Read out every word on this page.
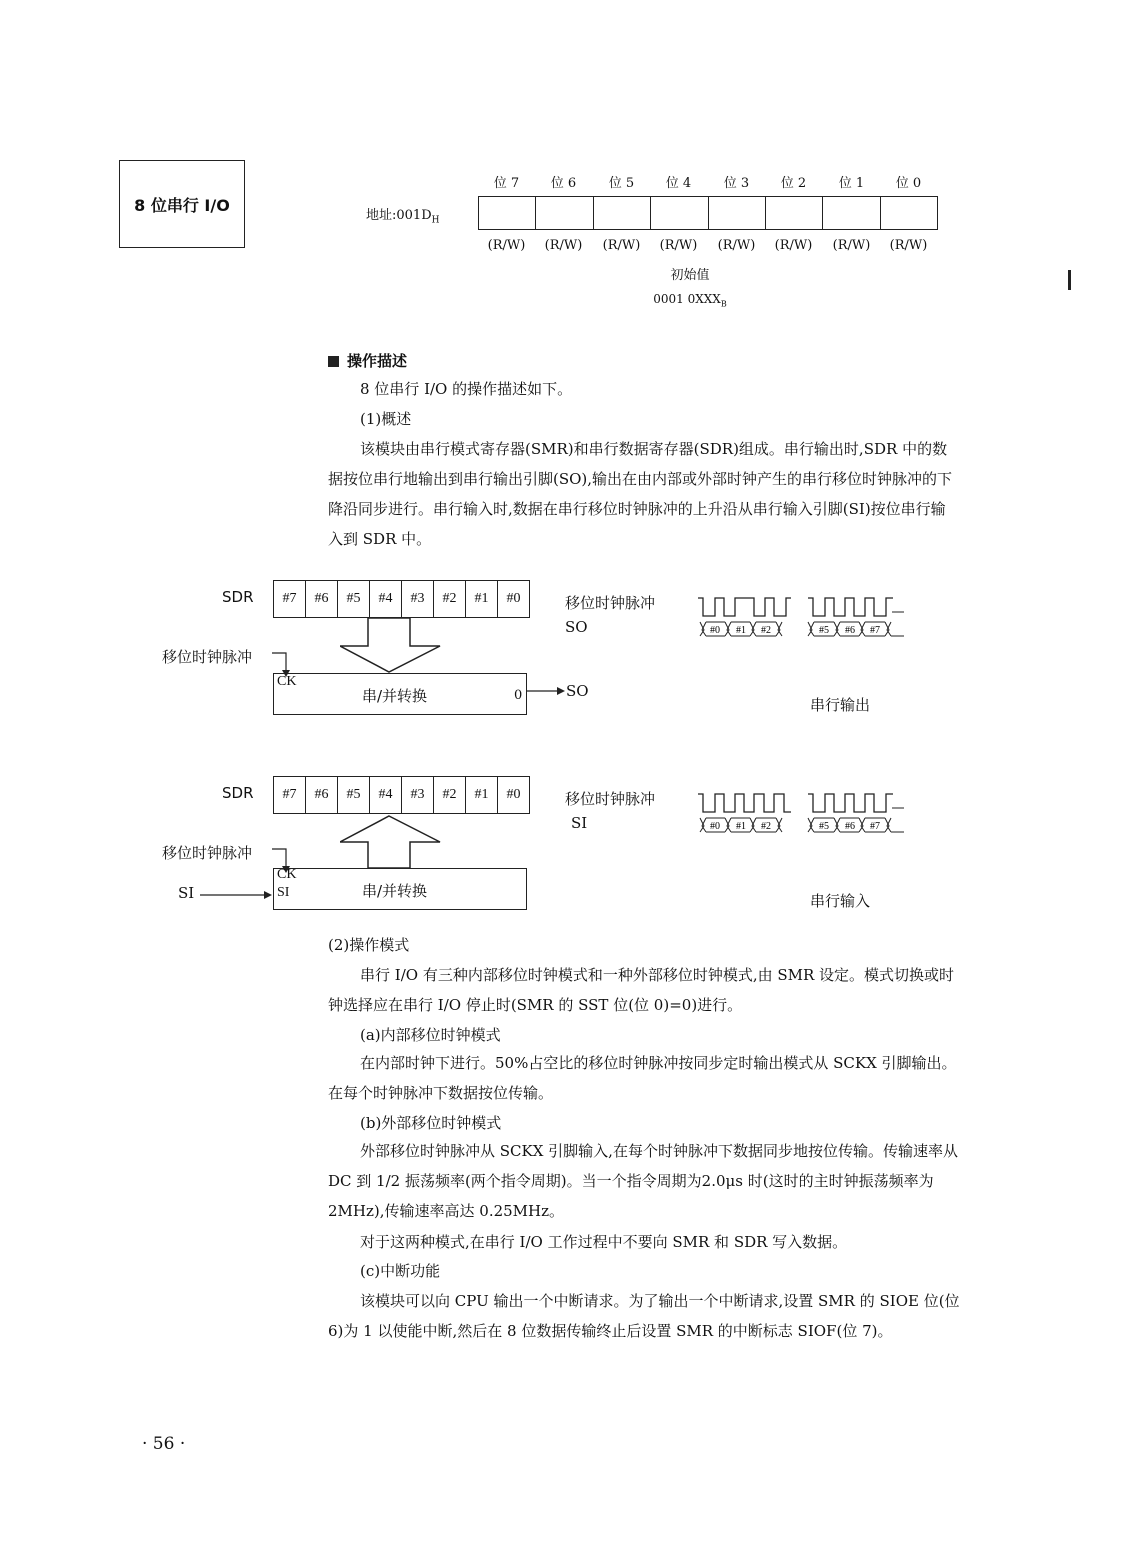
8 位串行 I/O
位 7	位 6	位 5	位 4	位 3	位 2	位 1	位 0
地址$:001D_H$
(R/W)	(R/W)	(R/W)	(R/W)	(R/W)	(R/W)	(R/W)	(R/W)
初始值
0001 $0XXX_B$
操作描述
8 位串行 I/O 的操作描述如下。
(1)概述
该模块由串行模式寄存器(SMR)和串行数据寄存器(SDR)组成。串行输出时,SDR 中的数据按位串行地输出到串行输出引脚(SO),输出在由内部或外部时钟产生的串行移位时钟脉冲的下降沿同步进行。串行输入时,数据在串行移位时钟脉冲的上升沿从串行输入引脚(SI)按位串行输入到 SDR 中。
SDR	#7	#6	#5	#4	#3	#2	#1	#0
移位时钟脉冲
CK
串/并转换	0	SO
移位时钟脉冲
SO	#0 #1 #2	#5 #6 #7
串行输出
SDR	#7	#6	#5	#4	#3	#2	#1	#0
移位时钟脉冲
CK
SI	串/并转换
SI
移位时钟脉冲
SI	#0 #1 #2	#5 #6 #7
串行输入
(2)操作模式
串行 I/O 有三种内部移位时钟模式和一种外部移位时钟模式,由 SMR 设定。模式切换或时钟选择应在串行 I/O 停止时(SMR 的 SST 位(位 0)=0)进行。
(a)内部移位时钟模式
在内部时钟下进行。50%占空比的移位时钟脉冲按同步定时输出模式从 SCKX 引脚输出。在每个时钟脉冲下数据按位传输。
(b)外部移位时钟模式
外部移位时钟脉冲从 SCKX 引脚输入,在每个时钟脉冲下数据同步地按位传输。传输速率从 DC 到 1/2 振荡频率(两个指令周期)。当一个指令周期为2.0μs 时(这时的主时钟振荡频率为 2MHz),传输速率高达 0.25MHz。
对于这两种模式,在串行 I/O 工作过程中不要向 SMR 和 SDR 写入数据。
(c)中断功能
该模块可以向 CPU 输出一个中断请求。为了输出一个中断请求,设置 SMR 的 SIOE 位(位 6)为 1 以使能中断,然后在 8 位数据传输终止后设置 SMR 的中断标志 SIOF(位 7)。
· 56 ·
